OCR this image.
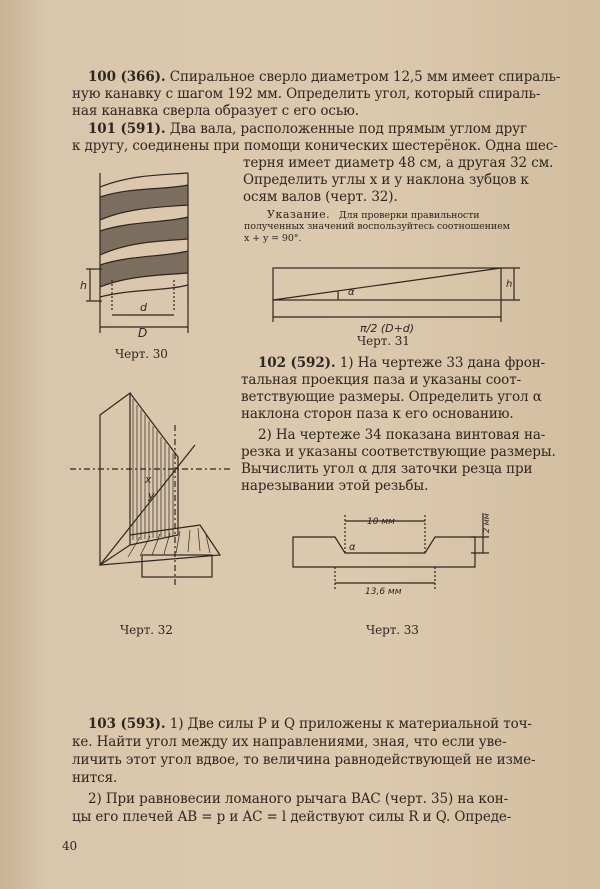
100 (366). Спиральное сверло диаметром 12,5 мм имеет спираль-
ную канавку с шагом 192 мм. Определить угол, который спираль-
ная канавка сверла образует с его осью.
101 (591). Два вала, расположенные под прямым углом друг
к другу, соединены при помощи конических шестерёнок. Одна шес-
терня имеет диаметр 48 см, а другая 32 см.
Определить углы x и y наклона зубцов к
осям валов (черт. 32).
Указание. Для проверки правильности
полученных значений воспользуйтесь соотношением
x + y = 90°.
h
d
D
Черт. 30
α
h
π/2 (D+d)
Черт. 31
102 (592). 1) На чертеже 33 дана фрон-
тальная проекция паза и указаны соот-
ветствующие размеры. Определить угол α
наклона сторон паза к его основанию.
2) На чертеже 34 показана винтовая на-
резка и указаны соответствующие размеры.
Вычислить угол α для заточки резца при
нарезывании этой резьбы.
x
y
Черт. 32
10 мм
13,6 мм
α
2 мм
Черт. 33
103 (593). 1) Две силы P и Q приложены к материальной точ-
ке. Найти угол между их направлениями, зная, что если уве-
личить этот угол вдвое, то величина равнодействующей не изме-
нится.
2) При равновесии ломаного рычага BAC (черт. 35) на кон-
цы его плечей AB = p и AC = l действуют силы R и Q. Опреде-
40
